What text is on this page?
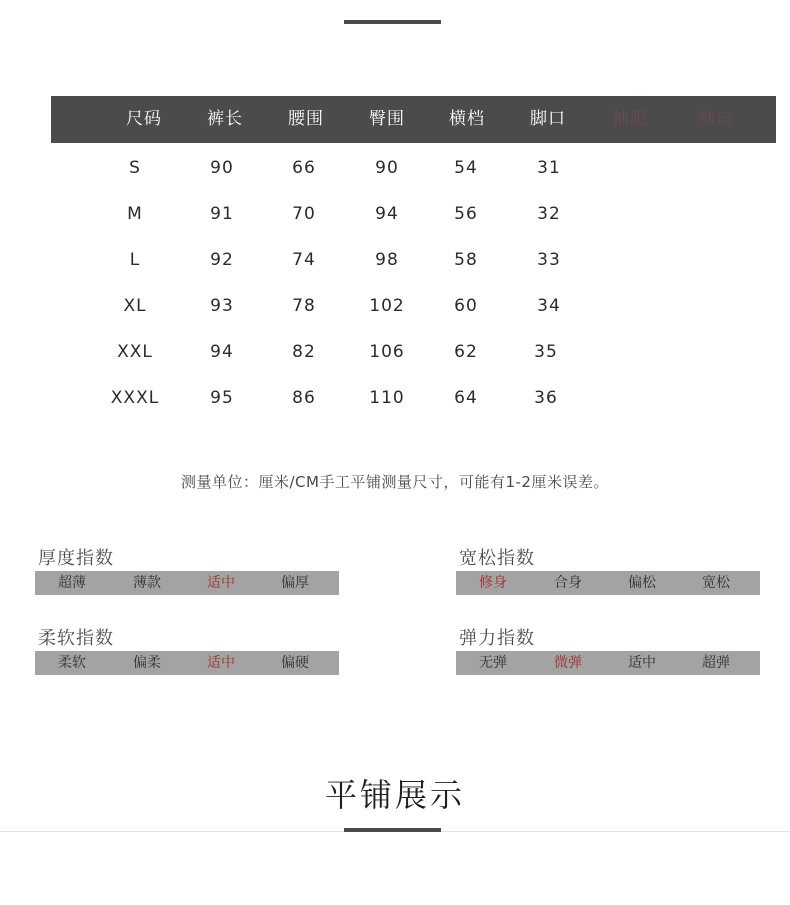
尺码	裤长	腰围	臀围	横档	脚口	袖肥	袖口
S	90	66	90	54	31
M	91	70	94	56	32
L	92	74	98	58	33
XL	93	78	102	60	34
XXL	94	82	106	62	35
XXXL	95	86	110	64	36
测量单位：厘米/CM手工平铺测量尺寸，可能有1-2厘米误差。
厚度指数
超薄	薄款	适中	偏厚
宽松指数
修身	合身	偏松	宽松
柔软指数
柔软	偏柔	适中	偏硬
弹力指数
无弹	微弹	适中	超弹
平铺展示
